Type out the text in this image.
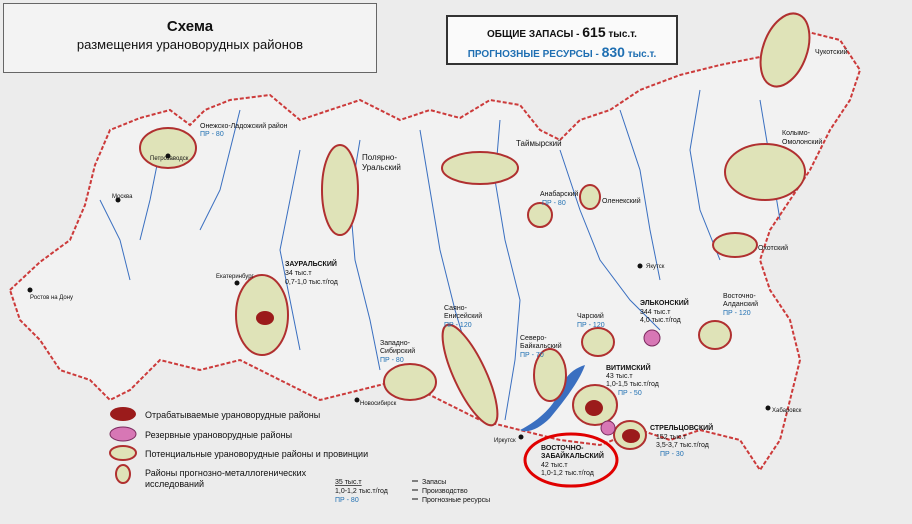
Петрозаводск
Москва
Ростов на Дону
Екатеринбург
Новосибирск
Иркутск
Якутск
Хабаровск
Онежско-Ладожский район
ПР - 80
Полярно-
Уральский
Таймырский
Чукотский
Колымо-
Омолонский
Анабарский
ПР - 80	Оленекский
Охотский
ЗАУРАЛЬСКИЙ
34 тыс.т
0,7-1,0 тыс.т/год
Саяно-
Енисейский
ПР - 120
Западно-
Сибирский
ПР - 80
Северо-
Байкальский
ПР - 70
Чарский
ПР - 120
ЭЛЬКОНСКИЙ
344 тыс.т
4,0 тыс.т/год
Восточно-
Алданский
ПР - 120
ВИТИМСКИЙ
43 тыс.т
1,0-1,5 тыс.т/год
ПР - 50
СТРЕЛЬЦОВСКИЙ
152 тыс.т
3,5-3,7 тыс.т/год
ПР - 30
ВОСТОЧНО-
ЗАБАЙКАЛЬСКИЙ
42 тыс.т
1,0-1,2 тыс.т/год
Отрабатываемые урановорудные районы
Резервные урановорудные районы
Потенциальные урановорудные районы и провинции
Районы прогнозно-металлогенических
исследований	35 тыс.т
1,0-1,2 тыс.т/год
ПР - 80
Запасы
Производство
Прогнозные ресурсы
Схема
размещения урановорудных районов
ОБЩИЕ ЗАПАСЫ - 615 тыс.т.
ПРОГНОЗНЫЕ РЕСУРСЫ - 830 тыс.т.
